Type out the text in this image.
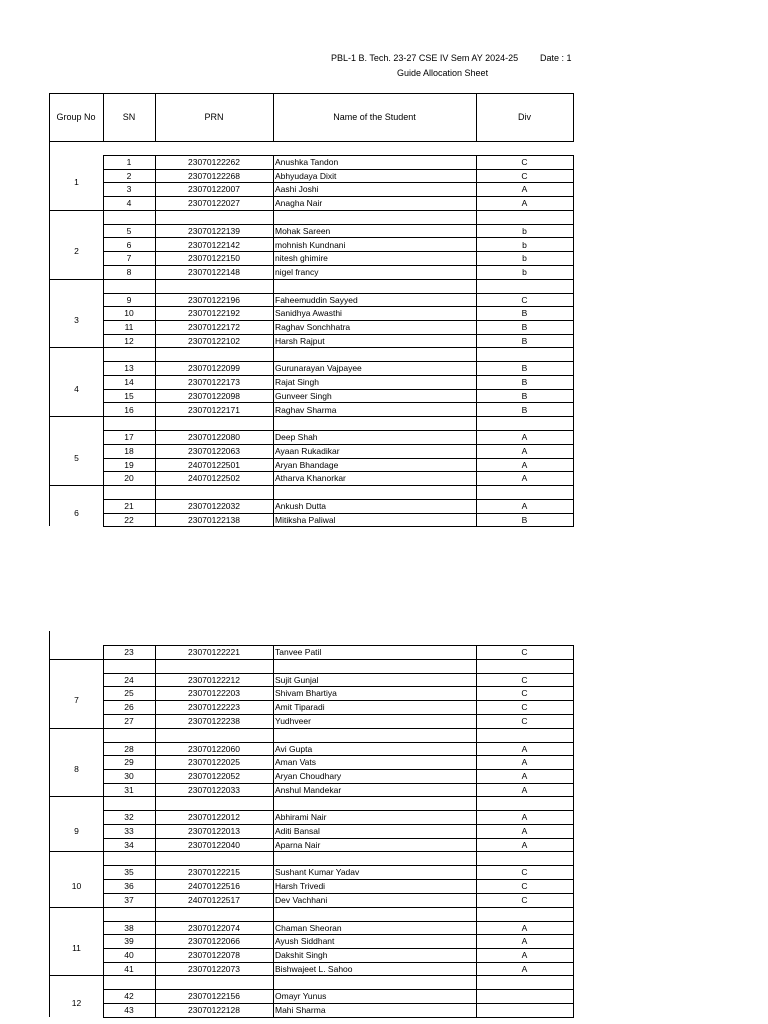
PBL-1 B. Tech. 23-27 CSE IV Sem AY 2024-25 Date : 1
Guide Allocation Sheet
Group No	SN	PRN	Name of the Student	Div
1	23070122262	Anushka Tandon	C
2	23070122268	Abhyudaya Dixit	C
3	23070122007	Aashi Joshi	A
4	23070122027	Anagha Nair	A
1
5	23070122139	Mohak Sareen	b
6	23070122142	mohnish Kundnani	b
7	23070122150	nitesh ghimire	b
8	23070122148	nigel francy	b
2
9	23070122196	Faheemuddin Sayyed	C
10	23070122192	Sanidhya Awasthi	B
11	23070122172	Raghav Sonchhatra	B
12	23070122102	Harsh Rajput	B
3
13	23070122099	Gurunarayan Vajpayee	B
14	23070122173	Rajat Singh	B
15	23070122098	Gunveer Singh	B
16	23070122171	Raghav Sharma	B
4
17	23070122080	Deep Shah	A
18	23070122063	Ayaan Rukadikar	A
19	24070122501	Aryan Bhandage	A
20	24070122502	Atharva Khanorkar	A
5
21	23070122032	Ankush Dutta	A
22	23070122138	Mitiksha Paliwal	B
6
23	23070122221	Tanvee Patil	C
24	23070122212	Sujit Gunjal	C
25	23070122203	Shivam Bhartiya	C
26	23070122223	Amit Tiparadi	C
27	23070122238	Yudhveer	C
7
28	23070122060	Avi Gupta	A
29	23070122025	Aman Vats	A
30	23070122052	Aryan Choudhary	A
31	23070122033	Anshul Mandekar	A
8
32	23070122012	Abhirami Nair	A
33	23070122013	Aditi Bansal	A
34	23070122040	Aparna Nair	A
9
35	23070122215	Sushant Kumar Yadav	C
36	24070122516	Harsh Trivedi	C
37	24070122517	Dev Vachhani	C
10
38	23070122074	Chaman Sheoran	A
39	23070122066	Ayush Siddhant	A
40	23070122078	Dakshit Singh	A
41	23070122073	Bishwajeet L. Sahoo	A
11
42	23070122156	Omayr Yunus
43	23070122128	Mahi Sharma
12
